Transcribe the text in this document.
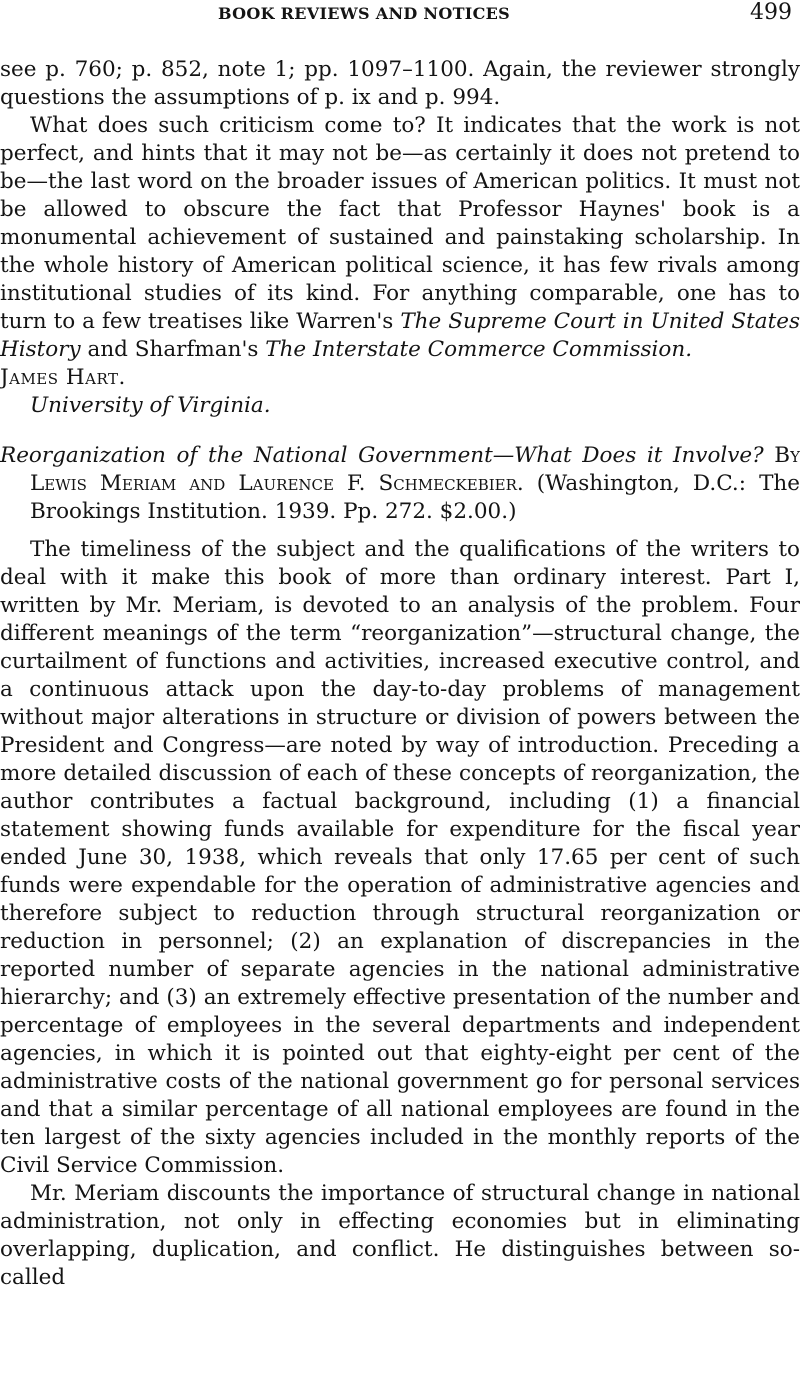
BOOK REVIEWS AND NOTICES	499

see p. 760; p. 852, note 1; pp. 1097–1100. Again, the reviewer strongly questions the assumptions of p. ix and p. 994.

What does such criticism come to? It indicates that the work is not perfect, and hints that it may not be—as certainly it does not pretend to be—the last word on the broader issues of American politics. It must not be allowed to obscure the fact that Professor Haynes' book is a monumental achievement of sustained and painstaking scholarship. In the whole history of American political science, it has few rivals among institutional studies of its kind. For anything comparable, one has to turn to a few treatises like Warren's The Supreme Court in United States History and Sharfman's The Interstate Commerce Commission.

James Hart.

University of Virginia.

Reorganization of the National Government—What Does it Involve? By Lewis Meriam and Laurence F. Schmeckebier. (Washington, D.C.: The Brookings Institution. 1939. Pp. 272. $2.00.)

The timeliness of the subject and the qualifications of the writers to deal with it make this book of more than ordinary interest. Part I, written by Mr. Meriam, is devoted to an analysis of the problem. Four different meanings of the term “reorganization”—structural change, the curtailment of functions and activities, increased executive control, and a continuous attack upon the day-to-day problems of management without major alterations in structure or division of powers between the President and Congress—are noted by way of introduction. Preceding a more detailed discussion of each of these concepts of reorganization, the author contributes a factual background, including (1) a financial statement showing funds available for expenditure for the fiscal year ended June 30, 1938, which reveals that only 17.65 per cent of such funds were expendable for the operation of administrative agencies and therefore subject to reduction through structural reorganization or reduction in personnel; (2) an explanation of discrepancies in the reported number of separate agencies in the national administrative hierarchy; and (3) an extremely effective presentation of the number and percentage of employees in the several departments and independent agencies, in which it is pointed out that eighty-eight per cent of the administrative costs of the national government go for personal services and that a similar percentage of all national employees are found in the ten largest of the sixty agencies included in the monthly reports of the Civil Service Commission.

Mr. Meriam discounts the importance of structural change in national administration, not only in effecting economies but in eliminating overlapping, duplication, and conflict. He distinguishes between so-called
